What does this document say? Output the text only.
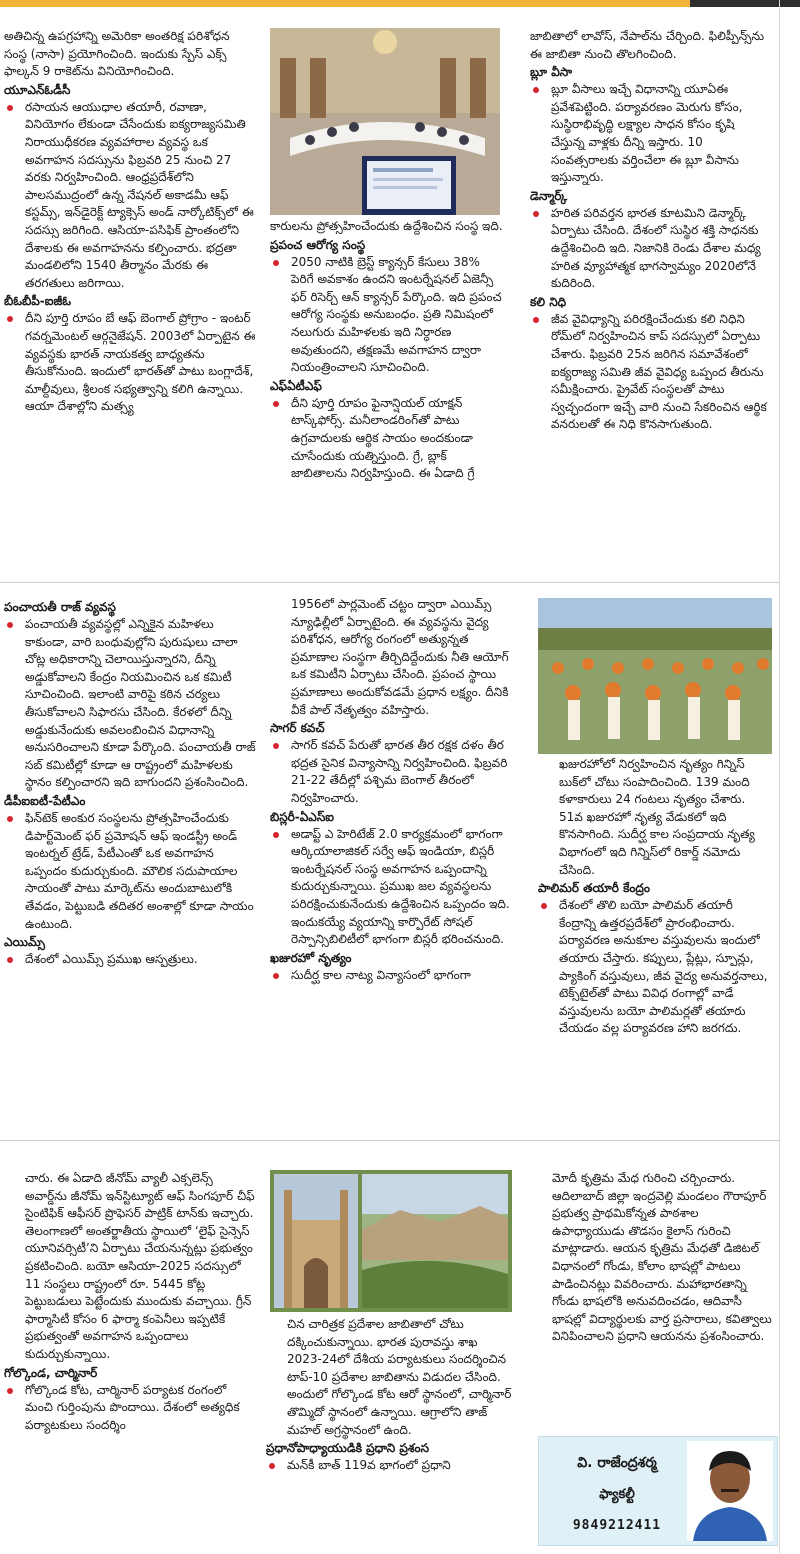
అతిచిన్న ఉపగ్రహాన్ని అమెరికా అంతరిక్ష పరిశోధన సంస్థ (నాసా) ప్రయోగించింది. ఇందుకు స్పేస్ ఎక్స్ ఫాల్కన్ 9 రాకెట్‌ను వినియోగించింది.

యూఎన్‌ఓడీసీ

రసాయన ఆయుధాల తయారీ, రవాణా, వినియోగం లేకుండా చేసేందుకు ఐక్యరాజ్యసమితి నిరాయుధీకరణ వ్యవహారాల వ్యవస్థ ఒక అవగాహన సదస్సును ఫిబ్రవరి 25 నుంచి 27 వరకు నిర్వహించింది. ఆంధ్రప్రదేశ్‌లోని పాలసముద్రంలో ఉన్న నేషనల్ అకాడమీ ఆఫ్ కస్టమ్స్, ఇన్‌డైరెక్ట్ ట్యాక్సెస్ అండ్ నార్కోటిక్స్‌లో ఈ సదస్సు జరిగింది. ఆసియా-పసిఫిక్ ప్రాంతంలోని దేశాలకు ఈ అవగాహనను కల్పించారు. భద్రతా మండలిలోని 1540 తీర్మానం మేరకు ఈ తరగతులు జరిగాయి.

బీఓబీపీ-ఐజీఓ

దీని పూర్తి రూపం బే ఆఫ్ బెంగాల్ ప్రోగ్రాం - ఇంటర్ గవర్నమెంటల్ ఆర్గనైజేషన్. 2003లో ఏర్పాటైన ఈ వ్యవస్థకు భారత్ నాయకత్వ బాధ్యతను తీసుకోనుంది. ఇందులో భారత్‌తో పాటు బంగ్లాదేశ్, మాల్దీవులు, శ్రీలంక సభ్యత్వాన్ని కలిగి ఉన్నాయి. ఆయా దేశాల్లోని మత్స్య

కారులను ప్రోత్సహించేందుకు ఉద్దేశించిన సంస్థ ఇది.

ప్రపంచ ఆరోగ్య సంస్థ

2050 నాటికి బ్రెస్ట్ క్యాన్సర్ కేసులు 38% పెరిగే అవకాశం ఉందని ఇంటర్నేషనల్ ఏజెన్సీ ఫర్ రిసెర్చ్ ఆన్ క్యాన్సర్ పేర్కొంది. ఇది ప్రపంచ ఆరోగ్య సంస్థకు అనుబంధం. ప్రతి నిమిషంలో నలుగురు మహిళలకు ఇది నిర్ధారణ అవుతుందని, తక్షణమే అవగాహన ద్వారా నియంత్రించాలని సూచించింది.

ఎఫ్ఏటీఎఫ్

దీని పూర్తి రూపం ఫైనాన్షియల్ యాక్షన్ టాస్క్‌ఫోర్స్. మనీలాండరింగ్‌తో పాటు ఉగ్రవాదులకు ఆర్థిక సాయం అందకుండా చూసేందుకు యత్నిస్తుంది. గ్రే, బ్లాక్ జాబితాలను నిర్వహిస్తుంది. ఈ ఏడాది గ్రే

జాబితాలో లావోస్, నేపాల్‌ను చేర్చింది. ఫిలిప్పీన్స్‌ను ఈ జాబితా నుంచి తొలగించింది.

బ్లూ వీసా

బ్లూ వీసాలు ఇచ్చే విధానాన్ని యూఏఈ ప్రవేశపెట్టింది. పర్యావరణం మెరుగు కోసం, సుస్థిరాభివృద్ధి లక్ష్యాల సాధన కోసం కృషి చేస్తున్న వాళ్లకు దీన్ని ఇస్తారు. 10 సంవత్సరాలకు వర్తించేలా ఈ బ్లూ వీసాను ఇస్తున్నారు.

డెన్మార్క్

హరిత పరివర్తన భారత కూటమిని డెన్మార్క్ ఏర్పాటు చేసింది. దేశంలో సుస్థిర శక్తి సాధనకు ఉద్దేశించింది ఇది. నిజానికి రెండు దేశాల మధ్య హరిత వ్యూహాత్మక భాగస్వామ్యం 2020లోనే కుదిరింది.

కలి నిధి

జీవ వైవిధ్యాన్ని పరిరక్షించేందుకు కలి నిధిని రోమ్‌లో నిర్వహించిన కాప్ సదస్సులో ఏర్పాటు చేశారు. ఫిబ్రవరి 25న జరిగిన సమావేశంలో ఐక్యరాజ్య సమితి జీవ వైవిధ్య ఒప్పంద తీరును సమీక్షించారు. ప్రైవేట్ సంస్థలతో పాటు స్వచ్ఛందంగా ఇచ్చే వారి నుంచి సేకరించిన ఆర్థిక వనరులతో ఈ నిధి కొనసాగుతుంది.

పంచాయతీ రాజ్ వ్యవస్థ

పంచాయతీ వ్యవస్థల్లో ఎన్నికైన మహిళలు కాకుండా, వారి బంధువుల్లోని పురుషులు చాలా చోట్ల అధికారాన్ని చెలాయిస్తున్నారని, దీన్ని అడ్డుకోవాలని కేంద్రం నియమించిన ఒక కమిటీ సూచించింది. ఇలాంటి వారిపై కఠిన చర్యలు తీసుకోవాలని సిఫారసు చేసింది. కేరళలో దీన్ని అడ్డుకునేందుకు అవలంబించిన విధానాన్ని అనుసరించాలని కూడా పేర్కొంది. పంచాయతీ రాజ్ సబ్ కమిటీల్లో కూడా ఆ రాష్ట్రంలో మహిళలకు స్థానం కల్పించారని ఇది బాగుందని ప్రశంసించింది.

డీపీఐఐటీ-పేటీఎం

ఫిన్‌టెక్ అంకుర సంస్థలను ప్రోత్సహించేందుకు డిపార్ట్‌మెంట్ ఫర్ ప్రమోషన్ ఆఫ్ ఇండస్ట్రీ అండ్ ఇంటర్నల్ ట్రేడ్, పేటీఎంతో ఒక అవగాహన ఒప్పందం కుదుర్చుకుంది. మౌలిక సదుపాయాల సాయంతో పాటు మార్కెట్‌ను అందుబాటులోకి తేవడం, పెట్టుబడి తదితర అంశాల్లో కూడా సాయం ఉంటుంది.

ఎయిమ్స్

దేశంలో ఎయిమ్స్ ప్రముఖ ఆస్పత్రులు.

1956లో పార్లమెంట్ చట్టం ద్వారా ఎయిమ్స్ న్యూఢిల్లీలో ఏర్పాటైంది. ఈ వ్యవస్థను వైద్య పరిశోధన, ఆరోగ్య రంగంలో అత్యున్నత ప్రమాణాల సంస్థగా తీర్చిదిద్దేందుకు నీతి ఆయోగ్ ఒక కమిటీని ఏర్పాటు చేసింది. ప్రపంచ స్థాయి ప్రమాణాలు అందుకోవడమే ప్రధాన లక్ష్యం. దీనికి వీకే పాల్ నేతృత్వం వహిస్తారు.

సాగర్ కవచ్

సాగర్ కవచ్ పేరుతో భారత తీర రక్షక దళం తీర భద్రత సైనిక విన్యాసాన్ని నిర్వహించింది. ఫిబ్రవరి 21-22 తేదీల్లో పశ్చిమ బెంగాల్ తీరంలో నిర్వహించారు.

బిస్లరీ-ఏఎస్ఐ

అడాప్ట్ ఎ హెరిటేజ్ 2.0 కార్యక్రమంలో భాగంగా ఆర్కియాలాజికల్ సర్వే ఆఫ్ ఇండియా, బిస్లరీ ఇంటర్నేషనల్ సంస్థ అవగాహన ఒప్పందాన్ని కుదుర్చుకున్నాయి. ప్రముఖ జల వ్యవస్థలను పరిరక్షించుకునేందుకు ఉద్దేశించిన ఒప్పందం ఇది. ఇందుకయ్యే వ్యయాన్ని కార్పొరేట్ సోషల్ రెస్పాన్సిబిలిటీలో భాగంగా బిస్లరీ భరించనుంది.

ఖజురహో నృత్యం

సుదీర్ఘ కాల నాట్య విన్యాసంలో భాగంగా

ఖజురహోలో నిర్వహించిన నృత్యం గిన్నిస్ బుక్‌లో చోటు సంపాదించింది. 139 మంది కళాకారులు 24 గంటలు నృత్యం చేశారు. 51వ ఖజురహో నృత్య వేడుకలో ఇది కొనసాగింది. సుదీర్ఘ కాల సంప్రదాయ నృత్య విభాగంలో ఇది గిన్నిస్‌లో రికార్డ్ నమోదు చేసింది.

పాలిమర్ తయారీ కేంద్రం

దేశంలో తొలి బయో పాలిమర్ తయారీ కేంద్రాన్ని ఉత్తరప్రదేశ్‌లో ప్రారంభించారు. పర్యావరణ అనుకూల వస్తువులను ఇందులో తయారు చేస్తారు. కప్పులు, ప్లేట్లు, స్పూన్లు, ప్యాకింగ్ వస్తువులు, జీవ వైద్య అనువర్తనాలు, టెక్స్‌టైల్‌తో పాటు వివిధ రంగాల్లో వాడే వస్తువులను బయో పాలిమర్లతో తయారు చేయడం వల్ల పర్యావరణ హాని జరగదు.

చారు. ఈ ఏడాది జీనోమ్ వ్యాలీ ఎక్సలెన్స్ అవార్డ్‌ను జీనోమ్ ఇన్‌స్టిట్యూట్ ఆఫ్ సింగపూర్ చీఫ్ సైంటిఫిక్ ఆఫీసర్ ప్రొఫెసర్ పాట్రిక్ టాన్‌కు ఇచ్చారు. తెలంగాణలో అంతర్జాతీయ స్థాయిలో ‘లైఫ్ సైన్సెస్ యూనివర్సిటీ’ని ఏర్పాటు చేయనున్నట్లు ప్రభుత్వం ప్రకటించింది. బయో ఆసియా-2025 సదస్సులో 11 సంస్థలు రాష్ట్రంలో రూ. 5445 కోట్ల పెట్టుబడులు పెట్టేందుకు ముందుకు వచ్చాయి. గ్రీన్ ఫార్మాసిటీ కోసం 6 ఫార్మా కంపెనీలు ఇప్పటికే ప్రభుత్వంతో అవగాహన ఒప్పందాలు కుదుర్చుకున్నాయి.

గోల్కొండ, చార్మినార్

గోల్కొండ కోట, చార్మినార్ పర్యాటక రంగంలో మంచి గుర్తింపును పొందాయి. దేశంలో అత్యధిక పర్యాటకులు సందర్శిం

చిన చారిత్రక ప్రదేశాల జాబితాలో చోటు దక్కించుకున్నాయి. భారత పురావస్తు శాఖ 2023-24లో దేశీయ పర్యాటకులు సందర్శించిన టాప్-10 ప్రదేశాల జాబితాను విడుదల చేసింది. అందులో గోల్కొండ కోట ఆరో స్థానంలో, చార్మినార్ తొమ్మిదో స్థానంలో ఉన్నాయి. ఆగ్రాలోని తాజ్ మహల్ అగ్రస్థానంలో ఉంది.

ప్రధానోపాధ్యాయుడికి ప్రధాని ప్రశంస

మన్‌కీ బాత్ 119వ భాగంలో ప్రధాని

మోదీ కృత్రిమ మేధ గురించి చర్చించారు. ఆదిలాబాద్ జిల్లా ఇంద్రవెల్లి మండలం గౌరాపూర్ ప్రభుత్వ ప్రాథమికోన్నత పాఠశాల ఉపాధ్యాయుడు తొడసం కైలాస్ గురించి మాట్లాడారు. ఆయన కృత్రిమ మేధతో డిజిటల్ విధానంలో గోండు, కోలాం భాషల్లో పాటలు పాడించినట్లు వివరించారు. మహాభారతాన్ని గోండు భాషలోకి అనువదించడం, ఆదివాసీ భాషల్లో విద్యార్థులకు వార్త ప్రసారాలు, కవిత్వాలు వినిపించాలని ప్రధాని ఆయనను ప్రశంసించారు.

వి. రాజేంద్రశర్మ
ఫ్యాకల్టీ
9849212411
